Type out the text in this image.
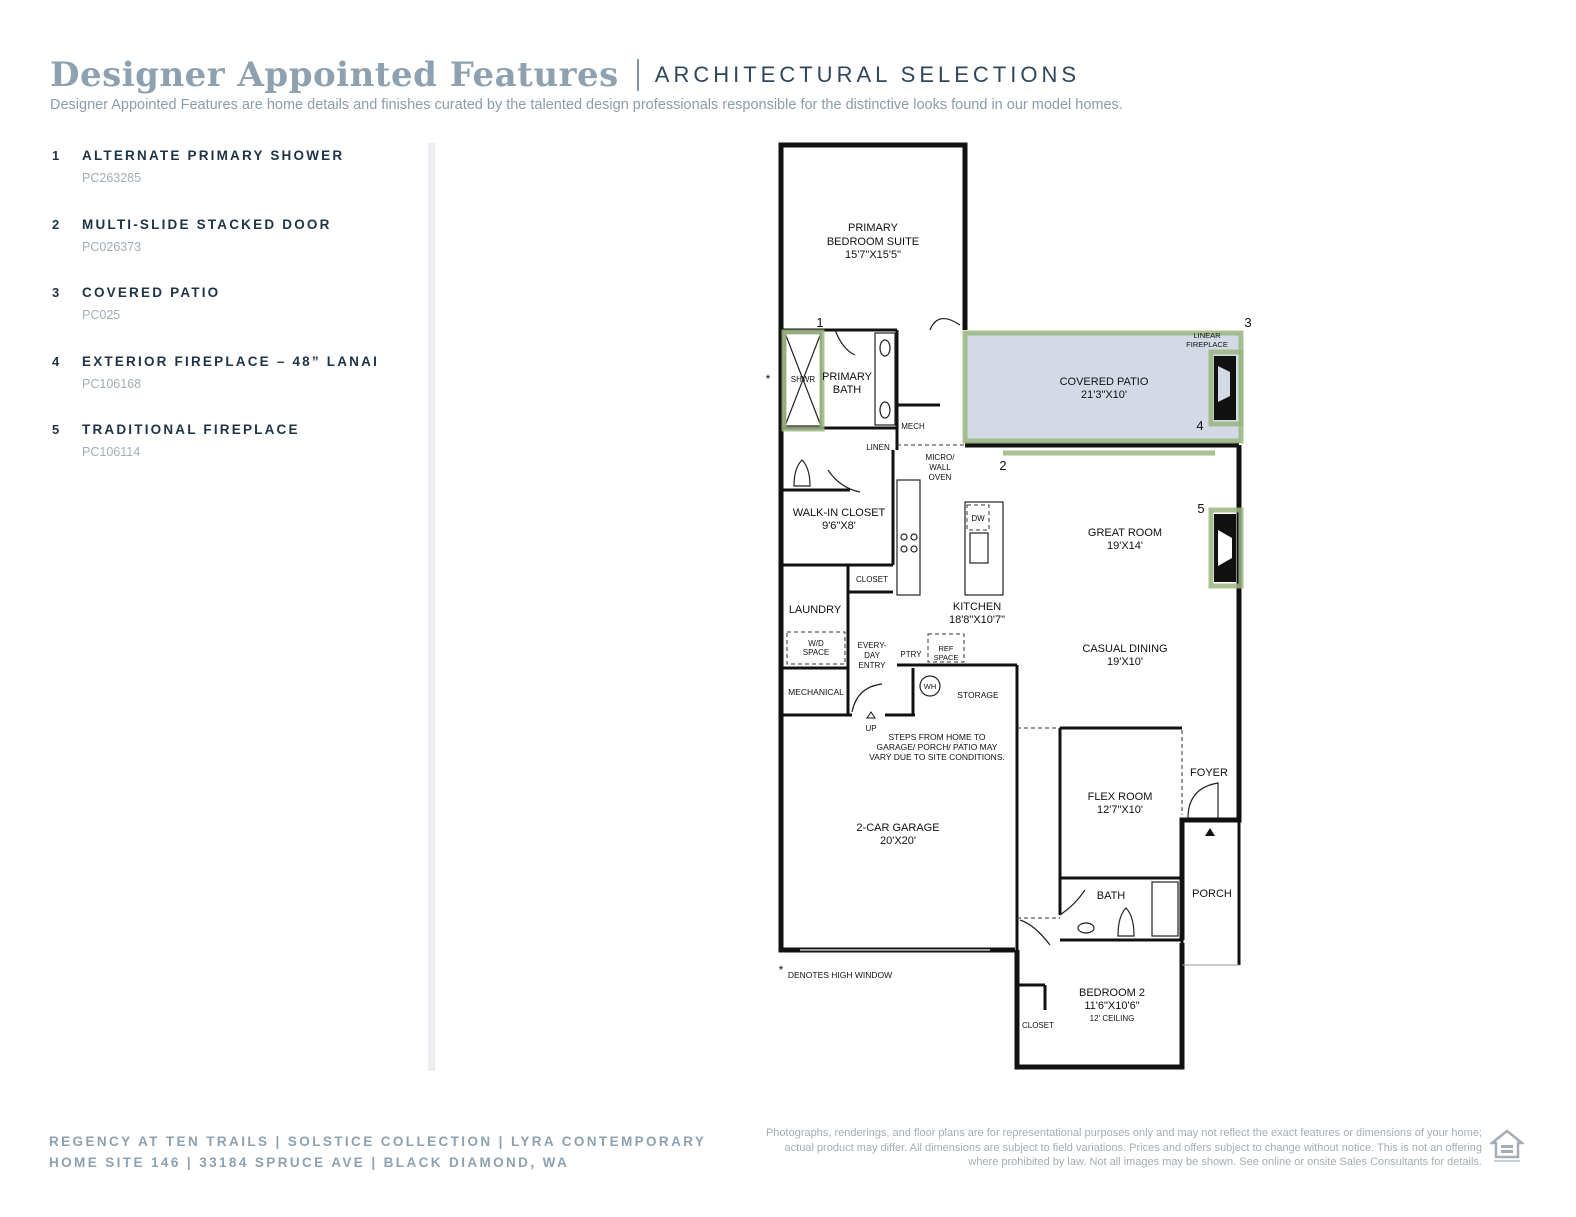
Designer Appointed Features ARCHITECTURAL SELECTIONS
Designer Appointed Features are home details and finishes curated by the talented design professionals responsible for the distinctive looks found in our model homes.
1	ALTERNATE PRIMARY SHOWER
PC263285
2	MULTI-SLIDE STACKED DOOR
PC026373
3	COVERED PATIO
PC025
4	EXTERIOR FIREPLACE – 48” LANAI
PC106168
5	TRADITIONAL FIREPLACE
PC106114
PRIMARY
BEDROOM SUITE
15'7"X15'5"
PRIMARY
BATH
SHWR
*	COVERED PATIO
21'3"X10'
LINEAR
FIREPLACE
MECH
LINEN
MICRO/
WALL
OVEN
DW
GREAT ROOM
19'X14'
WALK-IN CLOSET
9'6"X8'
CLOSET
LAUNDRY
W/D
SPACE
KITCHEN
18'8"X10'7"
EVERY-
DAY
ENTRY
PTRY
REF
SPACE
CASUAL DINING
19'X10'
MECHANICAL
WH
STORAGE
UP
STEPS FROM HOME TO
GARAGE/ PORCH/ PATIO MAY
VARY DUE TO SITE CONDITIONS.
FOYER
FLEX ROOM
12'7"X10'
2-CAR GARAGE
20'X20'
BATH	PORCH
BEDROOM 2
11'6"X10'6"
12' CEILING
CLOSET
* DENOTES HIGH WINDOW
1
2
3
4
5
REGENCY AT TEN TRAILS | SOLSTICE COLLECTION | LYRA CONTEMPORARY
HOME SITE 146 | 33184 SPRUCE AVE | BLACK DIAMOND, WA
Photographs, renderings, and floor plans are for representational purposes only and may not reflect the exact features or dimensions of your home; actual product may differ. All dimensions are subject to field variations. Prices and offers subject to change without notice. This is not an offering where prohibited by law. Not all images may be shown. See online or onsite Sales Consultants for details.
